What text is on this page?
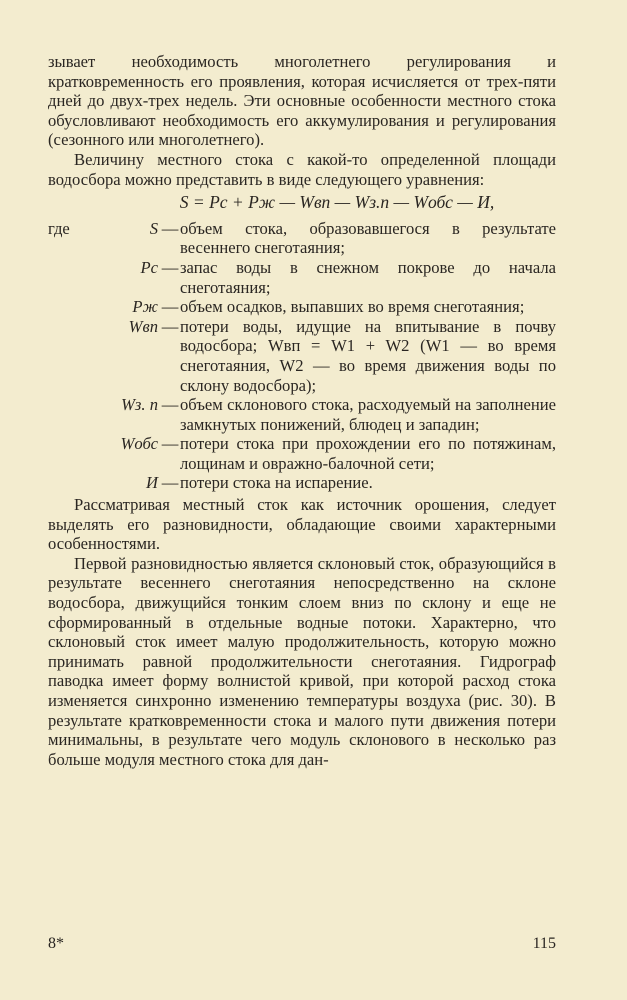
зывает необходимость многолетнего регулирования и кратковременность его проявления, которая исчисляется от трех-пяти дней до двух-трех недель. Эти основные особенности местного стока обусловливают необходимость его аккумулирования и регулирования (сезонного или многолетнего).

Величину местного стока с какой-то определенной площади водосбора можно представить в виде следующего уравнения:

S = Pс + Pж — Wвп — Wз.п — Wобс — И,
где	S — объем стока, образовавшегося в результате весеннего снеготаяния;
Pс — запас воды в снежном покрове до начала снеготаяния;
Pж — объем осадков, выпавших во время снеготаяния;
Wвп — потери воды, идущие на впитывание в почву водосбора; Wвп = W1 + W2 (W1 — во время снеготаяния, W2 — во время движения воды по склону водосбора);
Wз. п — объем склонового стока, расходуемый на заполнение замкнутых понижений, блюдец и западин;
Wобс — потери стока при прохождении его по потяжинам, лощинам и овражно-балочной сети;
И — потери стока на испарение.

Рассматривая местный сток как источник орошения, следует выделять его разновидности, обладающие своими характерными особенностями.

Первой разновидностью является склоновый сток, образующийся в результате весеннего снеготаяния непосредственно на склоне водосбора, движущийся тонким слоем вниз по склону и еще не сформированный в отдельные водные потоки. Характерно, что склоновый сток имеет малую продолжительность, которую можно принимать равной продолжительности снеготаяния. Гидрограф паводка имеет форму волнистой кривой, при которой расход стока изменяется синхронно изменению температуры воздуха (рис. 30). В результате кратковременности стока и малого пути движения потери минимальны, в результате чего модуль склонового в несколько раз больше модуля местного стока для дан-

8*	115
